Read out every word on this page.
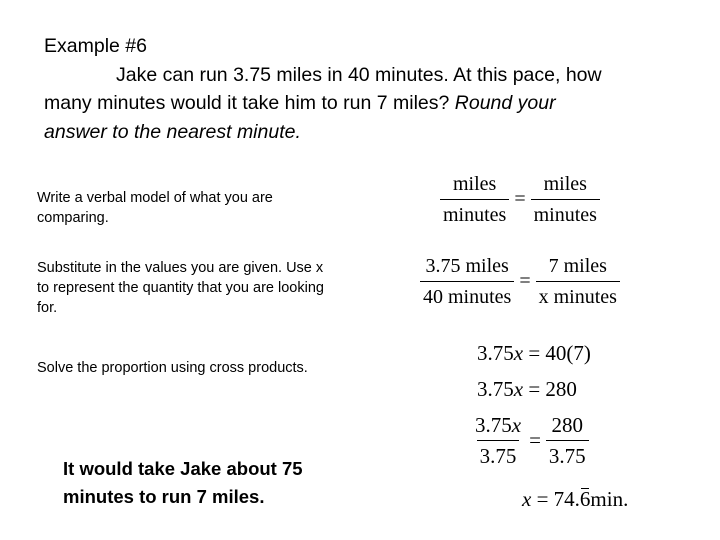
Example #6

Jake can run 3.75 miles in 40 minutes. At this pace, how

many minutes would it take him to run 7 miles? Round your

answer to the nearest minute.

Write a verbal model of what you are comparing.	$\frac{\text{miles}}{\text{minutes}} = \frac{\text{miles}}{\text{minutes}}$
Substitute in the values you are given. Use x to represent the quantity that you are looking for.	$\frac{\text{3.75 miles}}{\text{40 minutes}} = \frac{\text{7 miles}}{\text{x minutes}}$
Solve the proportion using cross products.
3.75x = 40(7)
3.75x = 280
$\frac{3.75x}{3.75} = \frac{280}{3.75}$
x = 74.6min.
It would take Jake about 75
minutes to run 7 miles.
